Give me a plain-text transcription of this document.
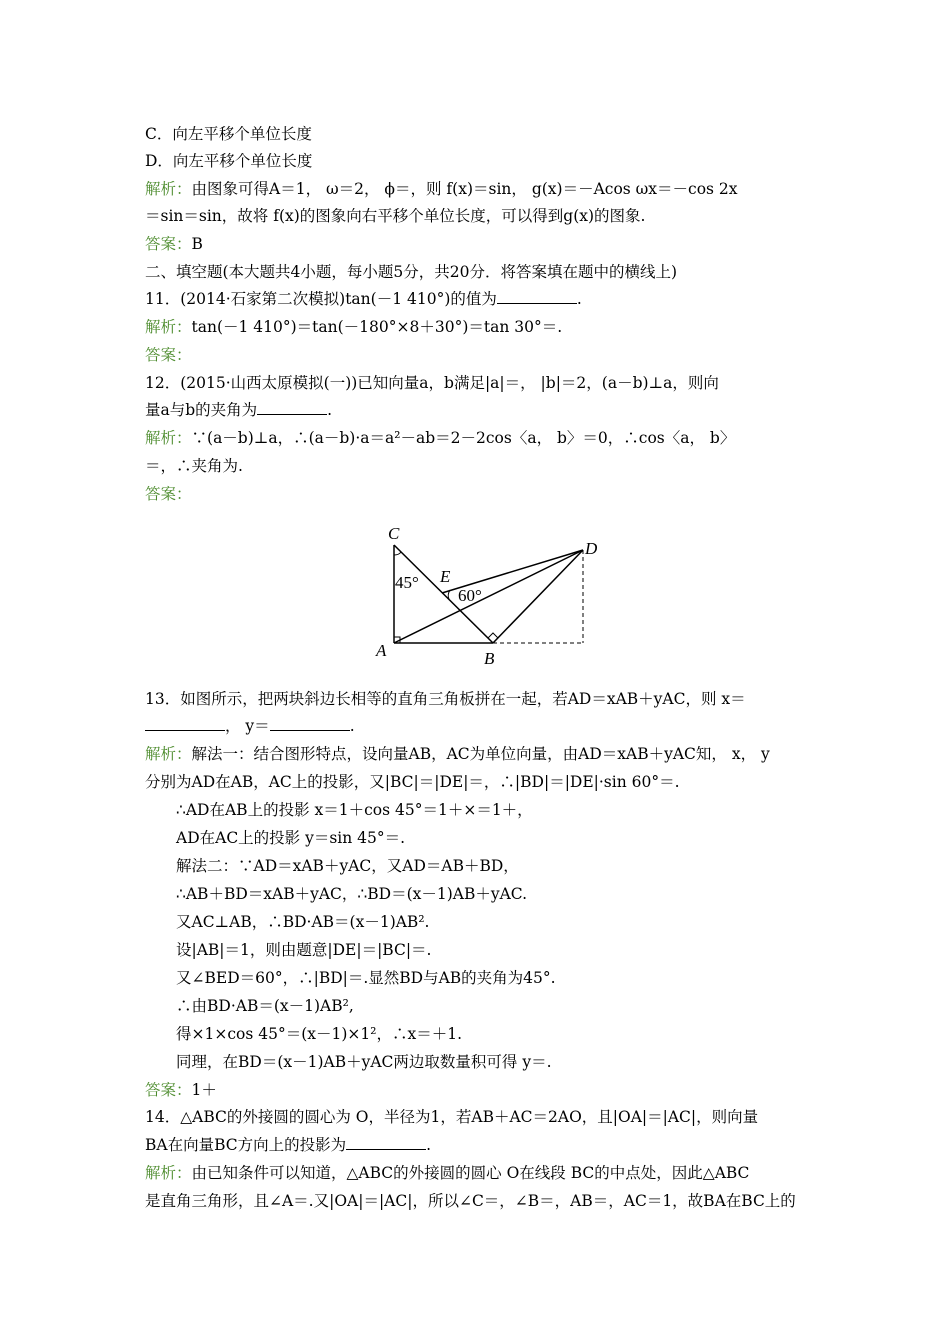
C．向左平移个单位长度
D．向左平移个单位长度
解析：由图象可得A＝1， ω＝2， ϕ＝，则 f(x)＝sin， g(x)＝－Acos ωx＝－cos 2x
＝sin＝sin，故将 f(x)的图象向右平移个单位长度，可以得到g(x)的图象.
答案：B
二、填空题(本大题共4小题，每小题5分，共20分．将答案填在题中的横线上)
11．(2014·石家第二次模拟)tan(－1 410°)的值为	.
解析：tan(－1 410°)＝tan(－180°×8＋30°)＝tan 30°＝.
答案：
12．(2015·山西太原模拟(一))已知向量a，b满足|a|＝， |b|＝2，(a－b)⊥a，则向
量a与b的夹角为	.
解析：∵(a－b)⊥a，∴(a－b)·a＝a²－ab＝2－2cos〈a， b〉＝0，∴cos〈a， b〉
＝，∴夹角为.
答案：
C
A	B
D
E
45°
60°
13．如图所示，把两块斜边长相等的直角三角板拼在一起，若AD＝xAB＋yAC，则 x＝
， y＝	.
解析：解法一：结合图形特点，设向量AB，AC为单位向量，由AD＝xAB＋yAC知， x， y
分别为AD在AB，AC上的投影，又|BC|＝|DE|＝，∴|BD|＝|DE|·sin 60°＝.
∴AD在AB上的投影 x＝1＋cos 45°＝1＋×＝1＋，
AD在AC上的投影 y＝sin 45°＝.
解法二：∵AD＝xAB＋yAC，又AD＝AB＋BD，
∴AB＋BD＝xAB＋yAC，∴BD＝(x－1)AB＋yAC.
又AC⊥AB，∴BD·AB＝(x－1)AB².
设|AB|＝1，则由题意|DE|＝|BC|＝.
又∠BED＝60°，∴|BD|＝.显然BD与AB的夹角为45°.
∴由BD·AB＝(x－1)AB²,
得×1×cos 45°＝(x－1)×1²，∴x＝＋1.
同理，在BD＝(x－1)AB＋yAC两边取数量积可得 y＝.
答案：1＋
14．△ABC的外接圆的圆心为 O，半径为1，若AB＋AC＝2AO，且|OA|＝|AC|，则向量
BA在向量BC方向上的投影为	.
解析：由已知条件可以知道，△ABC的外接圆的圆心 O在线段 BC的中点处，因此△ABC
是直角三角形，且∠A＝.又|OA|＝|AC|，所以∠C＝，∠B＝，AB＝，AC＝1，故BA在BC上的
